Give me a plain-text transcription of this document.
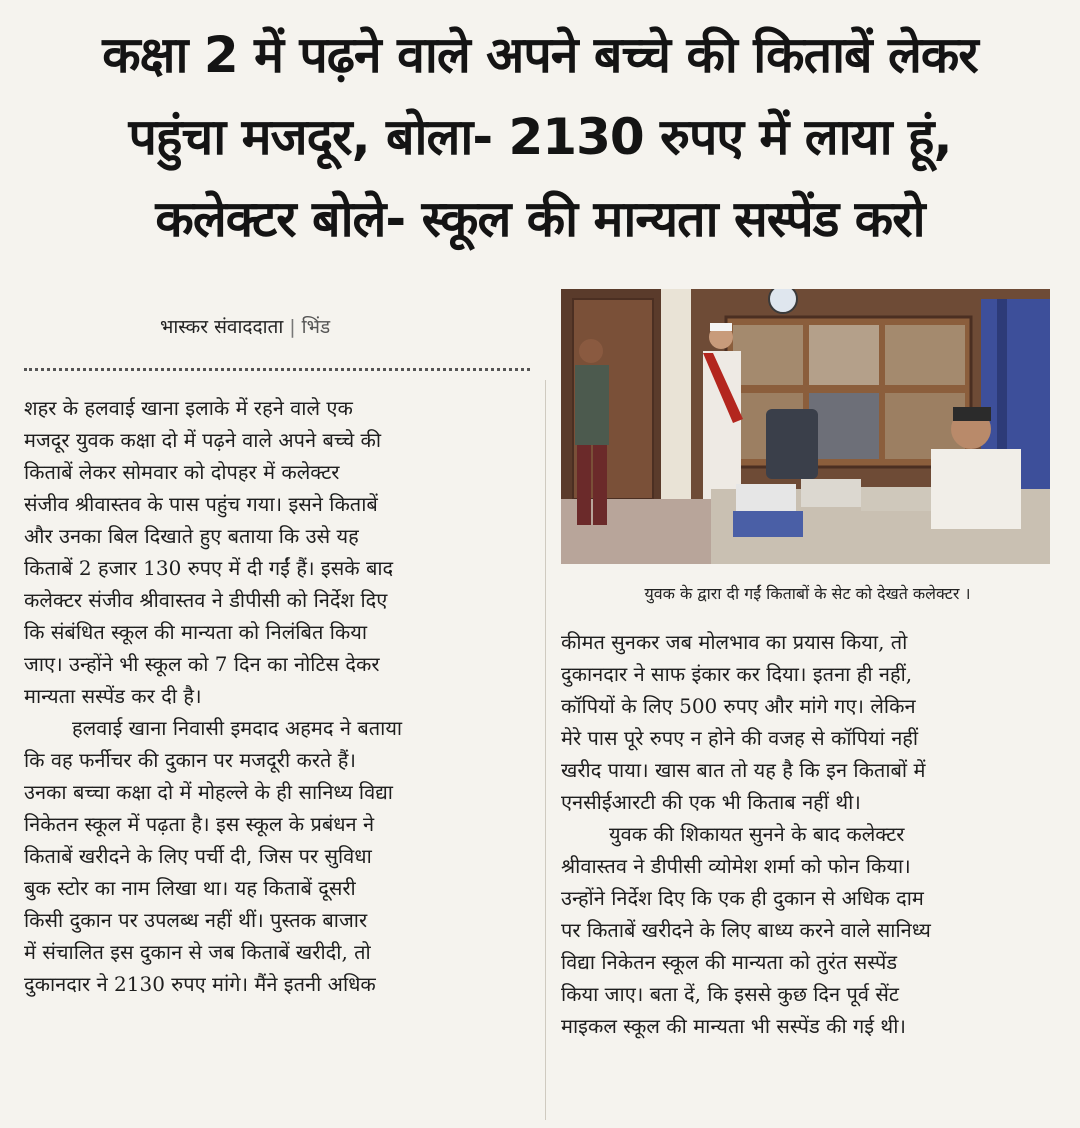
कक्षा 2 में पढ़ने वाले अपने बच्चे की किताबें लेकर
पहुंचा मजदूर, बोला- 2130 रुपए में लाया हूं,
कलेक्टर बोले- स्कूल की मान्यता सस्पेंड करो
भास्कर संवाददाता | भिंड
युवक के द्वारा दी गईं किताबों के सेट को देखते कलेक्टर ।
शहर के हलवाई खाना इलाके में रहने वाले एक
मजदूर युवक कक्षा दो में पढ़ने वाले अपने बच्चे की
किताबें लेकर सोमवार को दोपहर में कलेक्टर
संजीव श्रीवास्तव के पास पहुंच गया। इसने किताबें
और उनका बिल दिखाते हुए बताया कि उसे यह
किताबें 2 हजार 130 रुपए में दी गईं हैं। इसके बाद
कलेक्टर संजीव श्रीवास्तव ने डीपीसी को निर्देश दिए
कि संबंधित स्कूल की मान्यता को निलंबित किया
जाए। उन्होंने भी स्कूल को 7 दिन का नोटिस देकर
मान्यता सस्पेंड कर दी है।
हलवाई खाना निवासी इमदाद अहमद ने बताया
कि वह फर्नीचर की दुकान पर मजदूरी करते हैं।
उनका बच्चा कक्षा दो में मोहल्ले के ही सानिध्य विद्या
निकेतन स्कूल में पढ़ता है। इस स्कूल के प्रबंधन ने
किताबें खरीदने के लिए पर्ची दी, जिस पर सुविधा
बुक स्टोर का नाम लिखा था। यह किताबें दूसरी
किसी दुकान पर उपलब्ध नहीं थीं। पुस्तक बाजार
में संचालित इस दुकान से जब किताबें खरीदी, तो
दुकानदार ने 2130 रुपए मांगे। मैंने इतनी अधिक
कीमत सुनकर जब मोलभाव का प्रयास किया, तो
दुकानदार ने साफ इंकार कर दिया। इतना ही नहीं,
कॉपियों के लिए 500 रुपए और मांगे गए। लेकिन
मेरे पास पूरे रुपए न होने की वजह से कॉपियां नहीं
खरीद पाया। खास बात तो यह है कि इन किताबों में
एनसीईआरटी की एक भी किताब नहीं थी।
युवक की शिकायत सुनने के बाद कलेक्टर
श्रीवास्तव ने डीपीसी व्योमेश शर्मा को फोन किया।
उन्होंने निर्देश दिए कि एक ही दुकान से अधिक दाम
पर किताबें खरीदने के लिए बाध्य करने वाले सानिध्य
विद्या निकेतन स्कूल की मान्यता को तुरंत सस्पेंड
किया जाए। बता दें, कि इससे कुछ दिन पूर्व सेंट
माइकल स्कूल की मान्यता भी सस्पेंड की गई थी।
